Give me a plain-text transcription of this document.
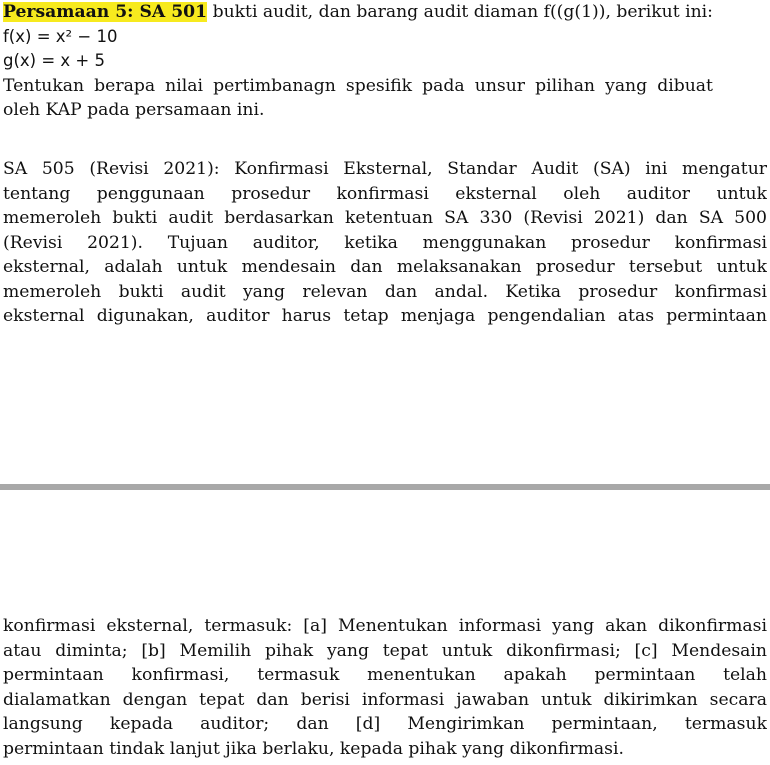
Persamaan 5: SA 501 bukti audit, dan barang audit diaman f((g(1)), berikut ini:
f(x) = x² − 10
g(x) = x + 5
Tentukan berapa nilai pertimbanagn spesifik pada unsur pilihan yang dibuat
oleh KAP pada persamaan ini.
SA 505 (Revisi 2021): Konfirmasi Eksternal, Standar Audit (SA) ini mengatur
tentang penggunaan prosedur konfirmasi eksternal oleh auditor untuk
memeroleh bukti audit berdasarkan ketentuan SA 330 (Revisi 2021) dan SA 500
(Revisi 2021). Tujuan auditor, ketika menggunakan prosedur konfirmasi
eksternal, adalah untuk mendesain dan melaksanakan prosedur tersebut untuk
memeroleh bukti audit yang relevan dan andal. Ketika prosedur konfirmasi
eksternal digunakan, auditor harus tetap menjaga pengendalian atas permintaan
konfirmasi eksternal, termasuk: [a] Menentukan informasi yang akan dikonfirmasi
atau diminta; [b] Memilih pihak yang tepat untuk dikonfirmasi; [c] Mendesain
permintaan konfirmasi, termasuk menentukan apakah permintaan telah
dialamatkan dengan tepat dan berisi informasi jawaban untuk dikirimkan secara
langsung kepada auditor; dan [d] Mengirimkan permintaan, termasuk
permintaan tindak lanjut jika berlaku, kepada pihak yang dikonfirmasi.
